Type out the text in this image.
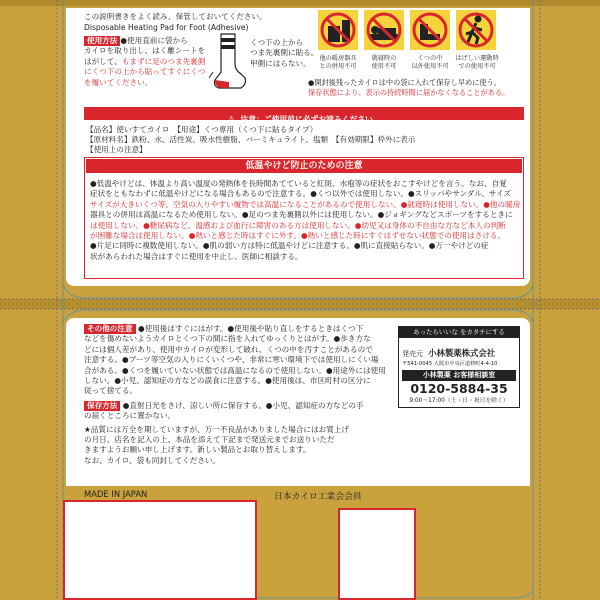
この説明書きをよく読み、保管しておいてください。
Disposable Heating Pad for Foot (Adhesive)
使用方法 ●使用直前に袋から
カイロを取り出し、はく離シートを
はがして、もまずに足のつま先裏側
にくつ下の上から貼ってすぐにくつ
を履いてください。
くつ下の上から
つま先裏側に貼る。
甲側にはらない。
他の暖房器具
との併用不可
就寝時の
使用不可
くつの中
以外使用不可
はげしい運動時
での使用不可
●開封後残ったカイロは中の袋に入れて保存し早めに使う。
保存状態により、表示の持続時間に届かなくなることがある。
⚠ 注意：ご使用前に必ずお読みください。
【品名】使いすてカイロ　【用途】くつ専用（くつ下に貼るタイプ）
【原材料名】鉄粉、水、活性炭、吸水性樹脂、バーミキュライト、塩類　【有効期限】枠外に表示
【使用上の注意】
低温やけど防止のための注意
●低温やけどは、体温より高い温度の発熱体を長時間あてていると紅斑、水疱等の症状をおこすやけどを言う。なお、自覚
症状をともなわずに低温やけどになる場合もあるので注意する。●くつ以外では使用しない。●スリッパやサンダル、サイズ
サイズが大きいくつ等、空気の入りやすい履物では高温になることがあるので使用しない。●就寝時は使用しない。●他の暖房
器具との併用は高温になるため使用しない。●足のつま先裏側以外には使用しない。●ジョギングなどスポーツをするときに
は使用しない。●糖尿病など、温感および血行に障害のある方は使用しない。●幼児又は身体の不自由な方など本人の判断
が困難な場合は使用しない。●熱いと感じた時はすぐに外す。●熱いと感じた時にすぐはずせない状態での使用はさける。
●片足に同時に複数使用しない。●肌の弱い方は特に低温やけどに注意する。●肌に直接貼らない。●万一やけどの症
状があらわれた場合はすぐに使用を中止し、医師に相談する。
その他の注意 ●使用後はすぐにはがす。●使用後や貼り直しをするときはくつ下
などを傷めないようカイロとくつ下の間に指を入れてゆっくりとはがす。●歩き方な
どには個人差があり、使用中カイロが変形して破れ、くつの中を汚すことがあるので
注意する。●ブーツ等空気の入りにくいくつや、非常に寒い環境下では使用しにくい場
合がある。●くつを履いていない状態では高温になるので使用しない。●用途外には使用
しない。●小児、認知症の方などの誤食に注意する。●使用後は、市区町村の区分に
従って捨てる。
保存方法 ●直射日光をさけ、涼しい所に保存する。●小児、認知症の方などの手
の届くところに置かない。
★品質には万全を期していますが、万一不良品がありました場合にはお買上げ
の月日、店名を記入の上、本品を添えて下記まで発送元までお送りいただ
きますようお願い申し上げます。新しい製品とお取り替えします。
なお、カイロ、袋も同封してください。
あったらいいな をカタチにする
発売元 小林製薬株式会社
〒541-0045 大阪市中央区道修町4-4-10
小林製薬 お客様相談室
0120-5884-35
9:00～17:00（土・日・祝日を除く）
MADE IN JAPAN	日本カイロ工業会会員
